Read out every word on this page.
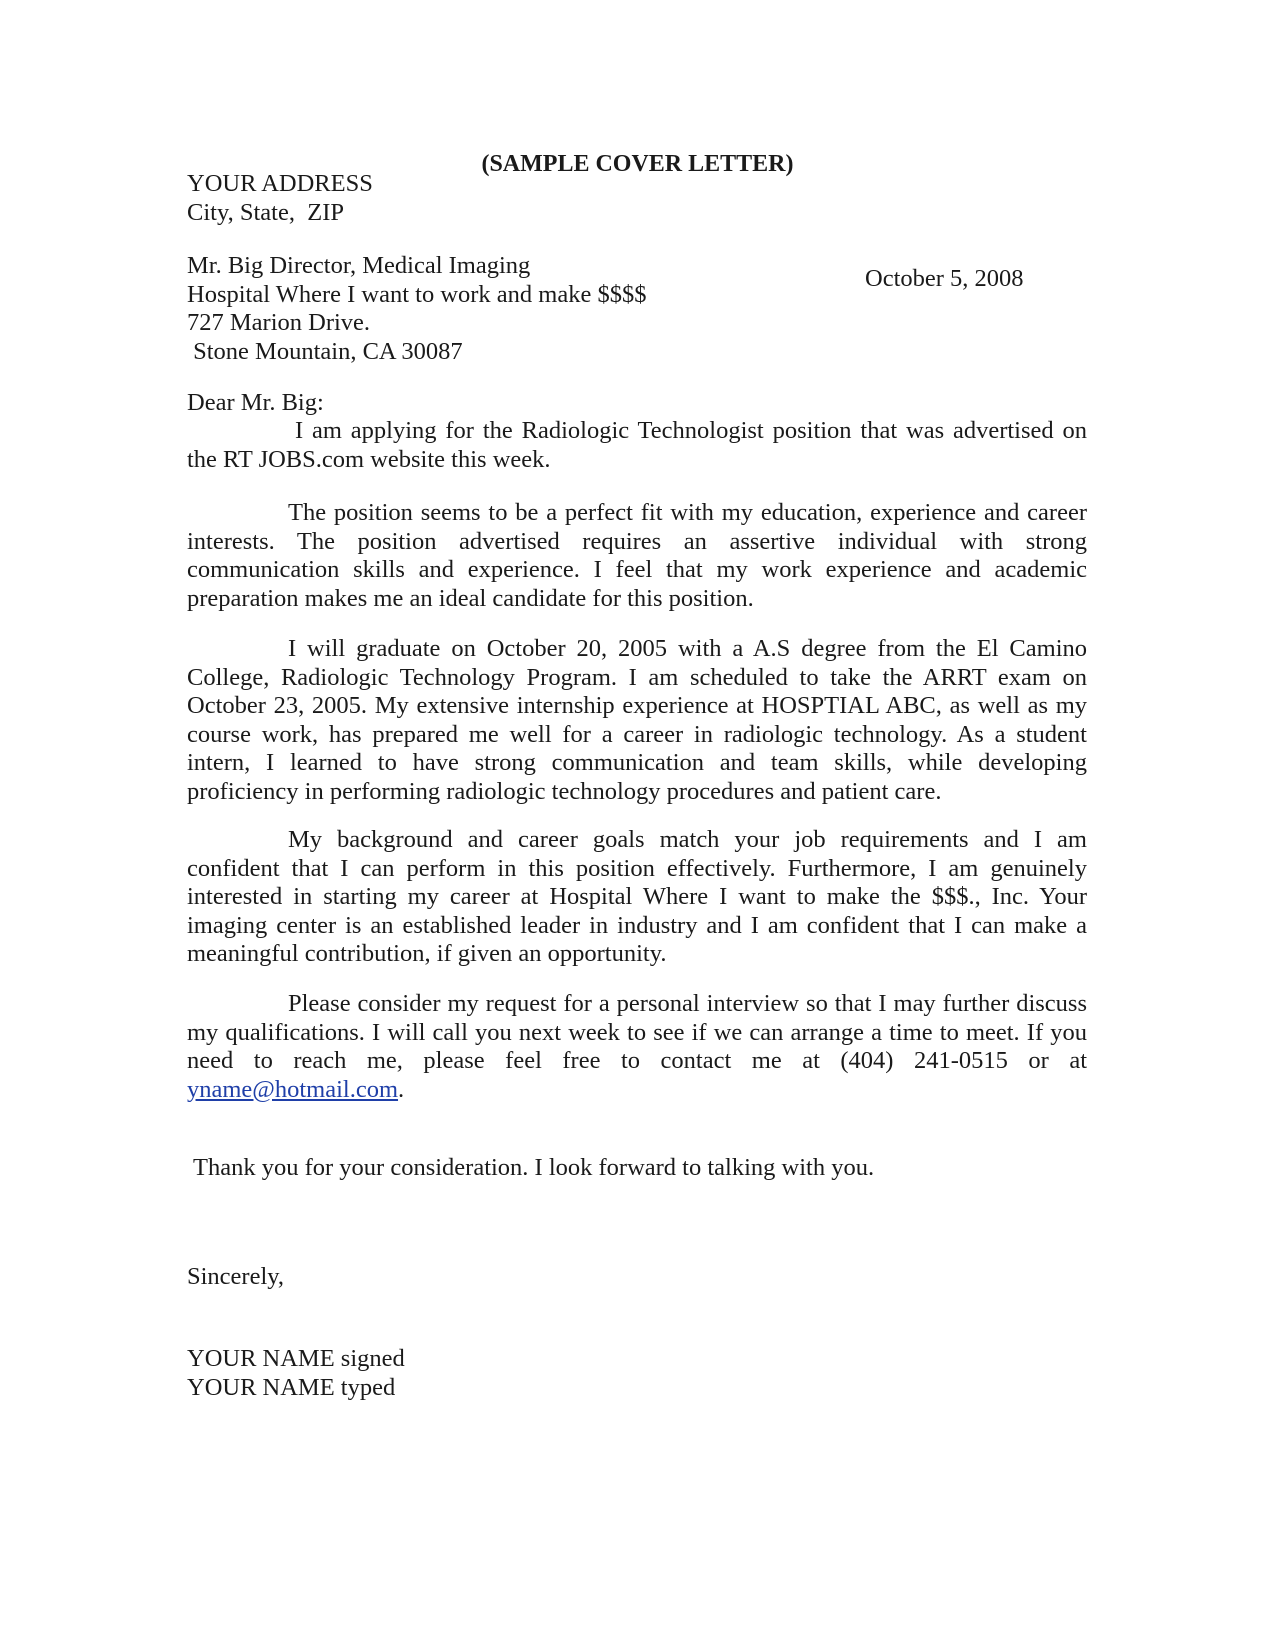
(SAMPLE COVER LETTER)
YOUR ADDRESS
City, State,  ZIP
Mr. Big Director, Medical Imaging
Hospital Where I want to work and make $$$$
727 Marion Drive.
Stone Mountain, CA 30087
October 5, 2008
Dear Mr. Big:

I am applying for the Radiologic Technologist position that was advertised on the RT JOBS.com website this week.

The position seems to be a perfect fit with my education, experience and career interests. The position advertised requires an assertive individual with strong communication skills and experience. I feel that my work experience and academic preparation makes me an ideal candidate for this position.

I will graduate on October 20, 2005 with a A.S degree from the El Camino College, Radiologic Technology Program. I am scheduled to take the ARRT exam on October 23, 2005. My extensive internship experience at HOSPTIAL ABC, as well as my course work, has prepared me well for a career in radiologic technology. As a student intern, I learned to have strong communication and team skills, while developing proficiency in performing radiologic technology procedures and patient care.

My background and career goals match your job requirements and I am confident that I can perform in this position effectively. Furthermore, I am genuinely interested in starting my career at Hospital Where I want to make the $$$., Inc. Your imaging center is an established leader in industry and I am confident that I can make a meaningful contribution, if given an opportunity.

Please consider my request for a personal interview so that I may further discuss my qualifications. I will call you next week to see if we can arrange a time to meet. If you need to reach me, please feel free to contact me at (404) 241-0515 or at yname@hotmail.com.

Thank you for your consideration. I look forward to talking with you.
Sincerely,
YOUR NAME signed
YOUR NAME typed
